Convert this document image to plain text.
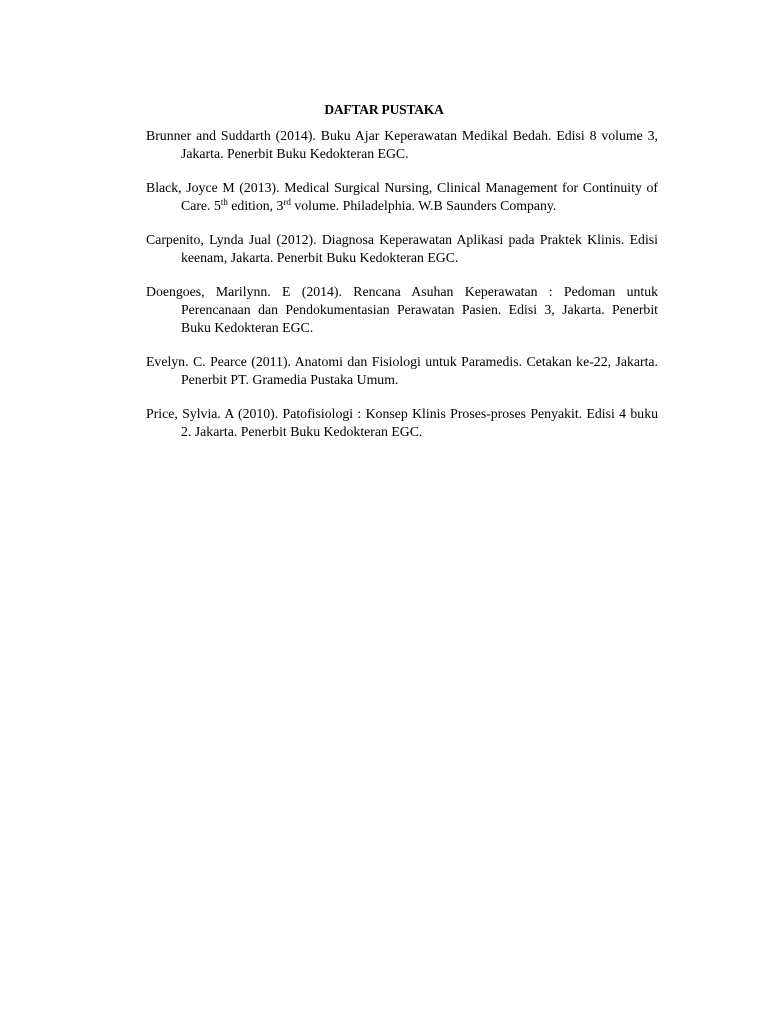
DAFTAR PUSTAKA

Brunner and Suddarth (2014). Buku Ajar Keperawatan Medikal Bedah. Edisi 8 volume 3, Jakarta. Penerbit Buku Kedokteran EGC.

Black, Joyce M (2013). Medical Surgical Nursing, Clinical Management for Continuity of Care. 5th edition, 3rd volume. Philadelphia. W.B Saunders Company.

Carpenito, Lynda Jual (2012). Diagnosa Keperawatan Aplikasi pada Praktek Klinis. Edisi keenam, Jakarta. Penerbit Buku Kedokteran EGC.

Doengoes, Marilynn. E (2014). Rencana Asuhan Keperawatan : Pedoman untuk Perencanaan dan Pendokumentasian Perawatan Pasien. Edisi 3, Jakarta. Penerbit Buku Kedokteran EGC.

Evelyn. C. Pearce (2011). Anatomi dan Fisiologi untuk Paramedis. Cetakan ke-22, Jakarta. Penerbit PT. Gramedia Pustaka Umum.

Price, Sylvia. A (2010). Patofisiologi : Konsep Klinis Proses-proses Penyakit. Edisi 4 buku 2. Jakarta. Penerbit Buku Kedokteran EGC.
